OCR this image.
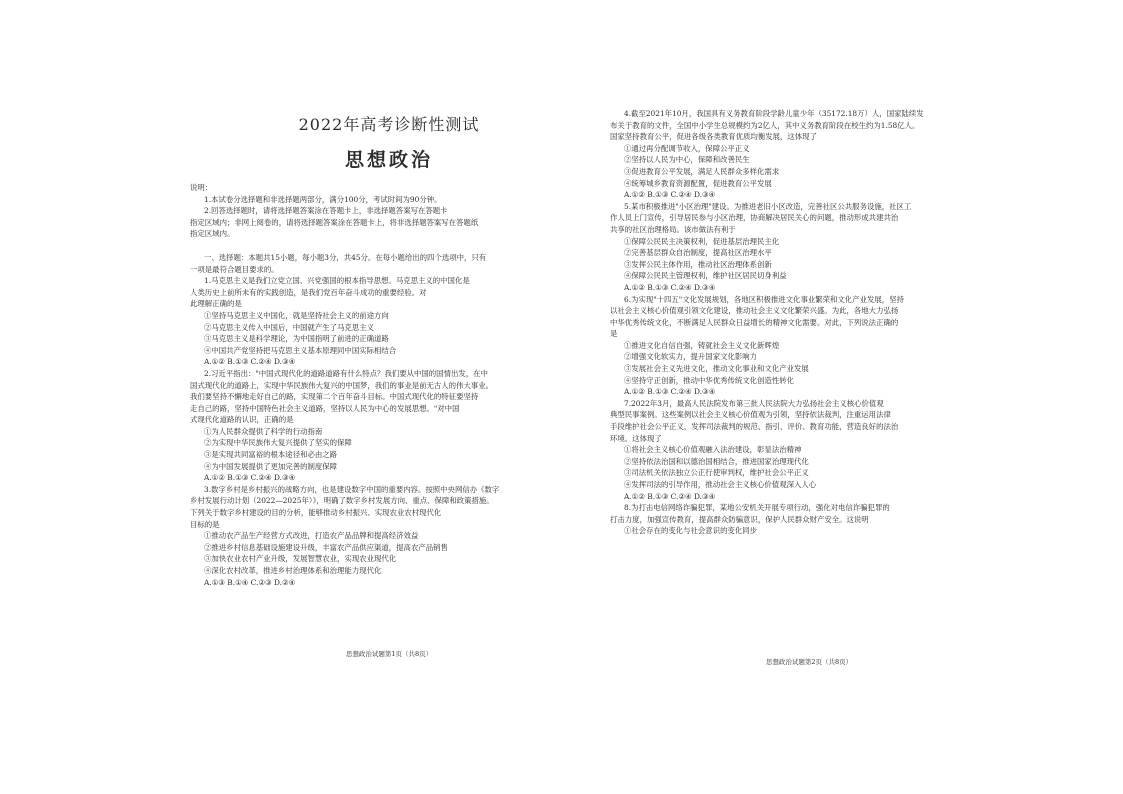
2022年高考诊断性测试
思想政治
说明：
1.本试卷分选择题和非选择题两部分，满分100分，考试时间为90分钟。
2.回答选择题时，请将选择题答案涂在答题卡上，非选择题答案写在答题卡
指定区域内；非网上阅卷的，请将选择题答案涂在答题卡上，将非选择题答案写在答题纸
指定区域内。
一、选择题：本题共15小题，每小题3分，共45分。在每小题给出的四个选项中，只有
一项是最符合题目要求的。
1.马克思主义是我们立党立国、兴党强国的根本指导思想。马克思主义的中国化是
人类历史上前所未有的实践创造，是我们党百年奋斗成功的重要经验。对
此理解正确的是
①坚持马克思主义中国化，就是坚持社会主义的前途方向
②马克思主义传入中国后，中国就产生了马克思主义
③马克思主义是科学理论，为中国指明了前进的正确道路
④中国共产党坚持把马克思主义基本原理同中国实际相结合
A.①② B.①③ C.②④ D.③④
2.习近平指出："中国式现代化的道路道路有什么特点？我们要从中国的国情出发，在中
国式现代化的道路上，实现中华民族伟大复兴的中国梦，我们的事业是前无古人的伟大事业。
我们要坚持不懈地走好自己的路，实现第二个百年奋斗目标。中国式现代化的特征要坚持
走自己的路，坚持中国特色社会主义道路，坚持以人民为中心的发展思想。"对中国
式现代化道路的认识，正确的是
①为人民群众提供了科学的行动指南
②为实现中华民族伟大复兴提供了坚实的保障
③是实现共同富裕的根本途径和必由之路
④为中国发展提供了更加完善的制度保障
A.①② B.①③ C.②④ D.③④
3.数字乡村是乡村振兴的战略方向，也是建设数字中国的重要内容。按照中央网信办《数字
乡村发展行动计划（2022—2025年）》，明确了数字乡村发展方向、重点、保障和政策措施。
下列关于数字乡村建设的目的分析，能够推动乡村振兴、实现农业农村现代化
目标的是
①推动农产品生产经营方式改进，打造农产品品牌和提高经济效益
②推进乡村信息基础设施建设升级，丰富农产品供应渠道，提高农产品销售
③加快农业农村产业升级，发展智慧农业，实现农业现代化
④深化农村改革，推进乡村治理体系和治理能力现代化
A.①③ B.①④ C.②③ D.②④
思想政治试题第1页（共8页）
4.截至2021年10月，我国具有义务教育阶段学龄儿童少年（35172.18万）人，国家陆续发
布关于教育的文件，全国中小学生总规模约为2亿人，其中义务教育阶段在校生约为1.58亿人。
国家坚持教育公平，促进各级各类教育优质均衡发展，这体现了
①通过再分配调节收入，保障公平正义
②坚持以人民为中心，保障和改善民生
③促进教育公平发展，满足人民群众多样化需求
④统筹城乡教育资源配置，促进教育公平发展
A.①② B.①③ C.②④ D.③④
5.某市积极推进"小区治理"建设。为推进老旧小区改造，完善社区公共服务设施，社区工
作人员上门宣传，引导居民参与小区治理，协商解决居民关心的问题，推动形成共建共治
共享的社区治理格局。该市做法有利于
①保障公民民主决策权利，促进基层治理民主化
②完善基层群众自治制度，提高社区治理水平
③发挥公民主体作用，推动社区治理体系创新
④保障公民民主管理权利，维护社区居民切身利益
A.①② B.①③ C.②④ D.③④
6.为实现"十四五"文化发展规划，各地区积极推进文化事业繁荣和文化产业发展，坚持
以社会主义核心价值观引领文化建设，推动社会主义文化繁荣兴盛。为此，各地大力弘扬
中华优秀传统文化，不断满足人民群众日益增长的精神文化需要。对此，下列说法正确的
是
①推进文化自信自强，铸就社会主义文化新辉煌
②增强文化软实力，提升国家文化影响力
③发展社会主义先进文化，推动文化事业和文化产业发展
④坚持守正创新，推动中华优秀传统文化创造性转化
A.①② B.①③ C.②④ D.③④
7.2022年3月，最高人民法院发布第三批人民法院大力弘扬社会主义核心价值观
典型民事案例。这些案例以社会主义核心价值观为引领，坚持依法裁判，注重运用法律
手段维护社会公平正义，发挥司法裁判的规范、指引、评价、教育功能，营造良好的法治
环境。这体现了
①将社会主义核心价值观融入法治建设，彰显法治精神
②坚持依法治国和以德治国相结合，推进国家治理现代化
③司法机关依法独立公正行使审判权，维护社会公平正义
④发挥司法的引导作用，推动社会主义核心价值观深入人心
A.①② B.①③ C.②④ D.③④
8.为打击电信网络诈骗犯罪，某地公安机关开展专项行动，强化对电信诈骗犯罪的
打击力度，加强宣传教育，提高群众防骗意识，保护人民群众财产安全。这说明
①社会存在的变化与社会意识的变化同步
思想政治试题第2页（共8页）
